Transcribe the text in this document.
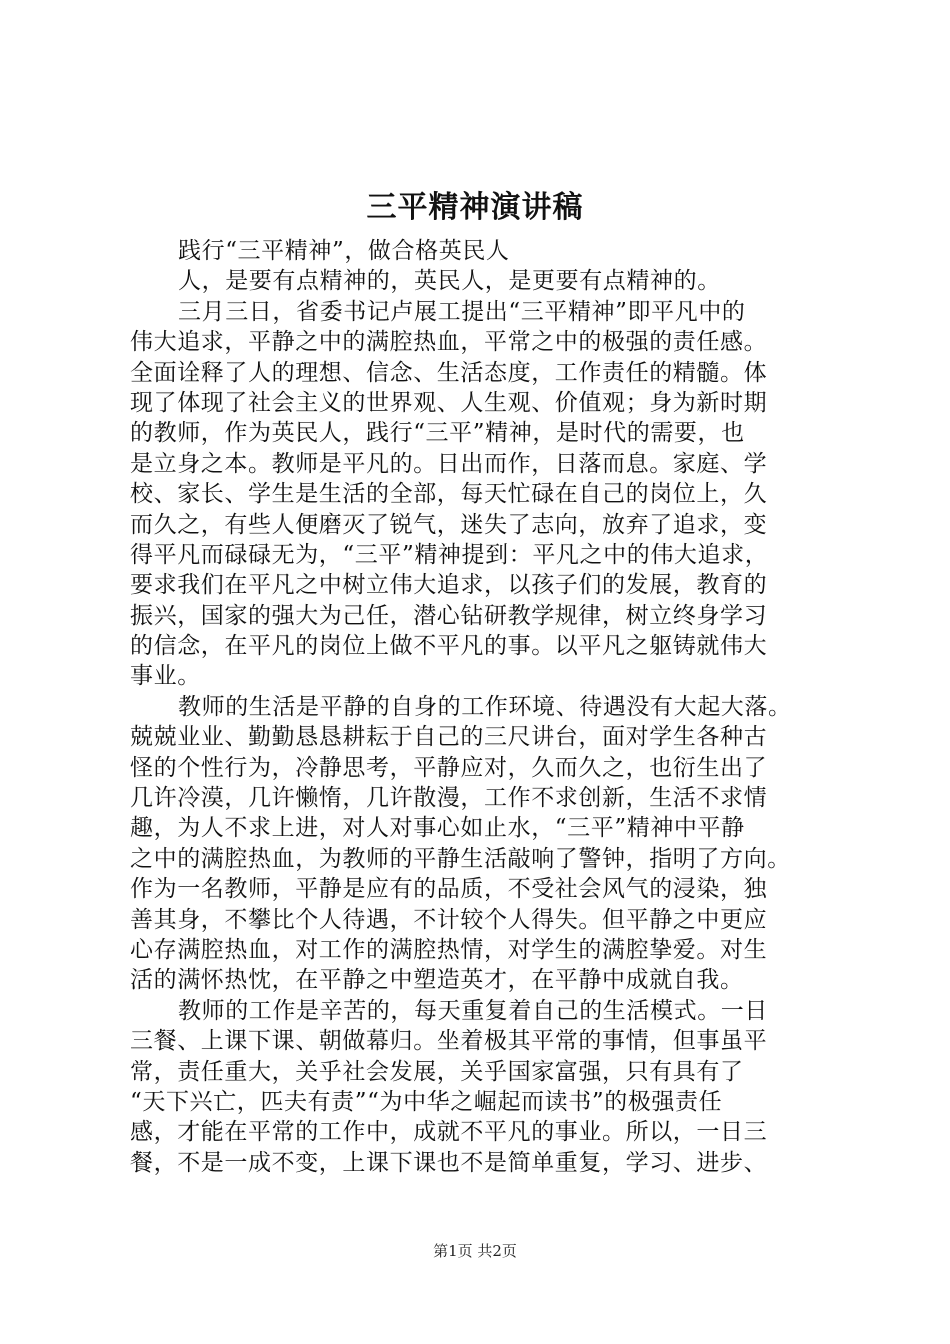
三平精神演讲稿
践行“三平精神”，做合格英民人
人，是要有点精神的，英民人，是更要有点精神的。
三月三日，省委书记卢展工提出“三平精神”即平凡中的
伟大追求，平静之中的满腔热血，平常之中的极强的责任感。
全面诠释了人的理想、信念、生活态度，工作责任的精髓。体
现了体现了社会主义的世界观、人生观、价值观；身为新时期
的教师，作为英民人，践行“三平”精神，是时代的需要，也
是立身之本。教师是平凡的。日出而作，日落而息。家庭、学
校、家长、学生是生活的全部，每天忙碌在自己的岗位上，久
而久之，有些人便磨灭了锐气，迷失了志向，放弃了追求，变
得平凡而碌碌无为，“三平”精神提到：平凡之中的伟大追求，
要求我们在平凡之中树立伟大追求，以孩子们的发展，教育的
振兴，国家的强大为己任，潜心钻研教学规律，树立终身学习
的信念，在平凡的岗位上做不平凡的事。以平凡之躯铸就伟大
事业。
教师的生活是平静的自身的工作环境、待遇没有大起大落。
兢兢业业、勤勤恳恳耕耘于自己的三尺讲台，面对学生各种古
怪的个性行为，冷静思考，平静应对，久而久之，也衍生出了
几许冷漠，几许懒惰，几许散漫，工作不求创新，生活不求情
趣，为人不求上进，对人对事心如止水，“三平”精神中平静
之中的满腔热血，为教师的平静生活敲响了警钟，指明了方向。
作为一名教师，平静是应有的品质，不受社会风气的浸染，独
善其身，不攀比个人待遇，不计较个人得失。但平静之中更应
心存满腔热血，对工作的满腔热情，对学生的满腔挚爱。对生
活的满怀热忱，在平静之中塑造英才，在平静中成就自我。
教师的工作是辛苦的，每天重复着自己的生活模式。一日
三餐、上课下课、朝做幕归。坐着极其平常的事情，但事虽平
常，责任重大，关乎社会发展，关乎国家富强，只有具有了
“天下兴亡，匹夫有责”“为中华之崛起而读书”的极强责任
感，才能在平常的工作中，成就不平凡的事业。所以，一日三
餐，不是一成不变，上课下课也不是简单重复，学习、进步、
第1页 共2页
